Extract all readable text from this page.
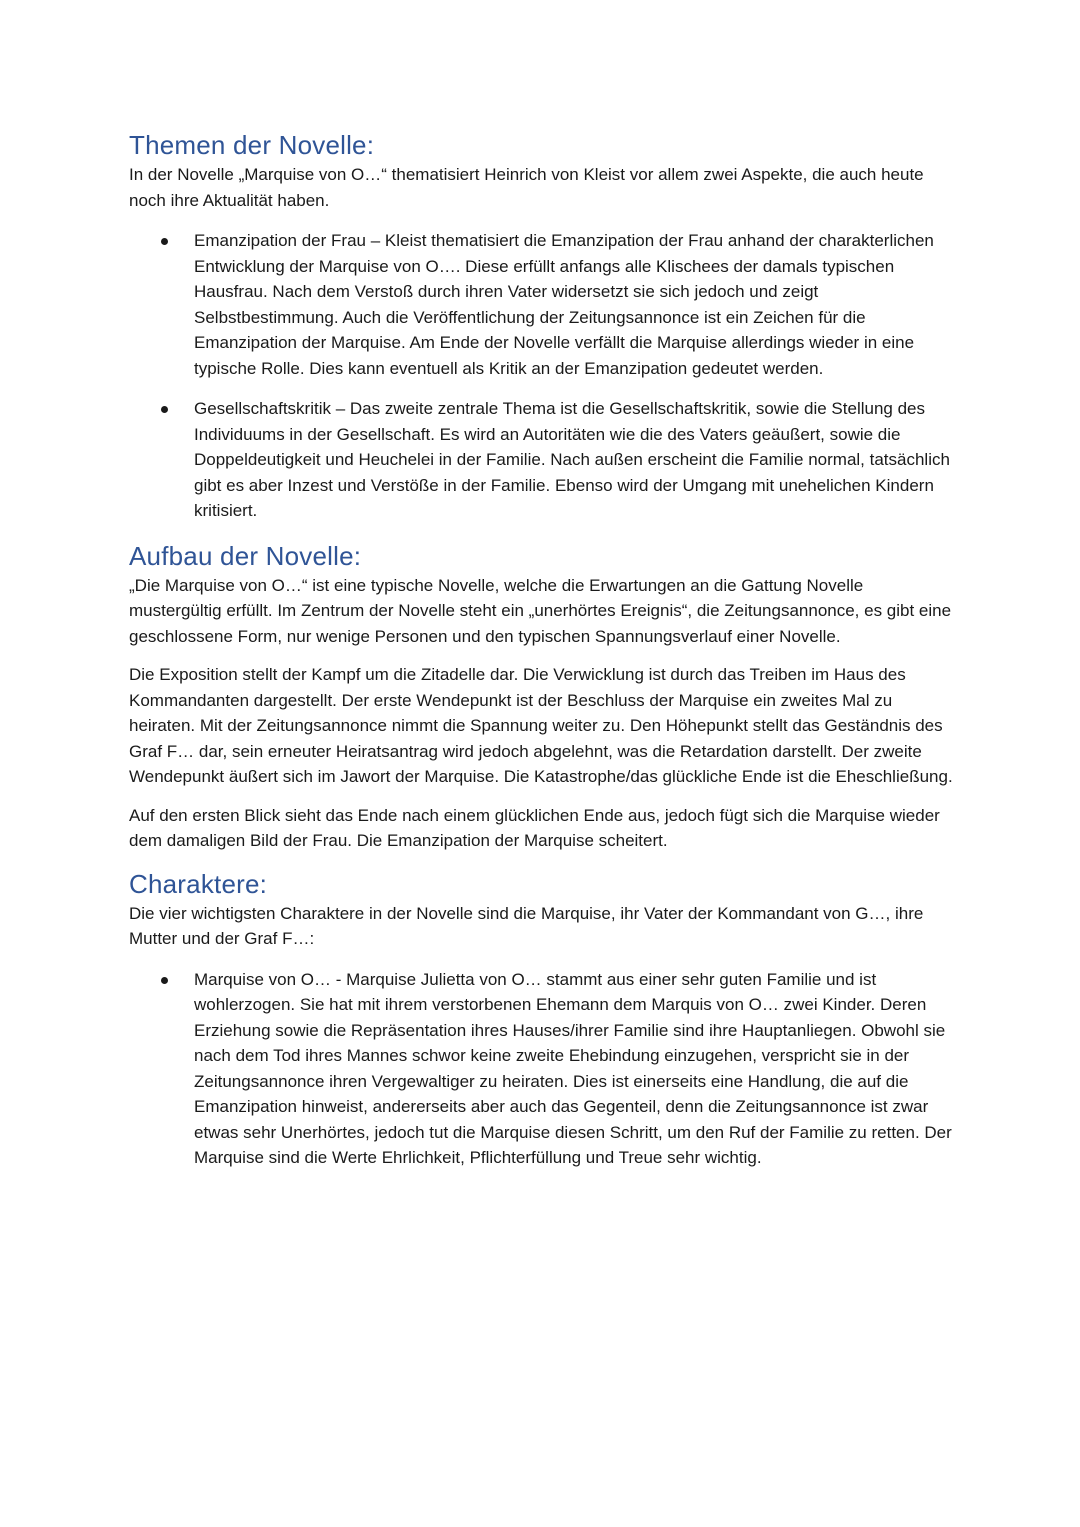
Themen der Novelle:

In der Novelle „Marquise von O…“ thematisiert Heinrich von Kleist vor allem zwei Aspekte, die auch heute noch ihre Aktualität haben.

Emanzipation der Frau – Kleist thematisiert die Emanzipation der Frau anhand der charakterlichen Entwicklung der Marquise von O…. Diese erfüllt anfangs alle Klischees der damals typischen Hausfrau. Nach dem Verstoß durch ihren Vater widersetzt sie sich jedoch und zeigt Selbstbestimmung. Auch die Veröffentlichung der Zeitungsannonce ist ein Zeichen für die Emanzipation der Marquise. Am Ende der Novelle verfällt die Marquise allerdings wieder in eine typische Rolle. Dies kann eventuell als Kritik an der Emanzipation gedeutet werden.
Gesellschaftskritik – Das zweite zentrale Thema ist die Gesellschaftskritik, sowie die Stellung des Individuums in der Gesellschaft. Es wird an Autoritäten wie die des Vaters geäußert, sowie die Doppeldeutigkeit und Heuchelei in der Familie. Nach außen erscheint die Familie normal, tatsächlich gibt es aber Inzest und Verstöße in der Familie. Ebenso wird der Umgang mit unehelichen Kindern kritisiert.
Aufbau der Novelle:

„Die Marquise von O…“ ist eine typische Novelle, welche die Erwartungen an die Gattung Novelle mustergültig erfüllt. Im Zentrum der Novelle steht ein „unerhörtes Ereignis“, die Zeitungsannonce, es gibt eine geschlossene Form, nur wenige Personen und den typischen Spannungsverlauf einer Novelle.

Die Exposition stellt der Kampf um die Zitadelle dar. Die Verwicklung ist durch das Treiben im Haus des Kommandanten dargestellt. Der erste Wendepunkt ist der Beschluss der Marquise ein zweites Mal zu heiraten. Mit der Zeitungsannonce nimmt die Spannung weiter zu. Den Höhepunkt stellt das Geständnis des Graf F… dar, sein erneuter Heiratsantrag wird jedoch abgelehnt, was die Retardation darstellt. Der zweite Wendepunkt äußert sich im Jawort der Marquise. Die Katastrophe/das glückliche Ende ist die Eheschließung.

Auf den ersten Blick sieht das Ende nach einem glücklichen Ende aus, jedoch fügt sich die Marquise wieder dem damaligen Bild der Frau. Die Emanzipation der Marquise scheitert.

Charaktere:

Die vier wichtigsten Charaktere in der Novelle sind die Marquise, ihr Vater der Kommandant von G…, ihre Mutter und der Graf F…:

Marquise von O… - Marquise Julietta von O… stammt aus einer sehr guten Familie und ist wohlerzogen. Sie hat mit ihrem verstorbenen Ehemann dem Marquis von O… zwei Kinder. Deren Erziehung sowie die Repräsentation ihres Hauses/ihrer Familie sind ihre Hauptanliegen. Obwohl sie nach dem Tod ihres Mannes schwor keine zweite Ehebindung einzugehen, verspricht sie in der Zeitungsannonce ihren Vergewaltiger zu heiraten. Dies ist einerseits eine Handlung, die auf die Emanzipation hinweist, andererseits aber auch das Gegenteil, denn die Zeitungsannonce ist zwar etwas sehr Unerhörtes, jedoch tut die Marquise diesen Schritt, um den Ruf der Familie zu retten. Der Marquise sind die Werte Ehrlichkeit, Pflichterfüllung und Treue sehr wichtig.
